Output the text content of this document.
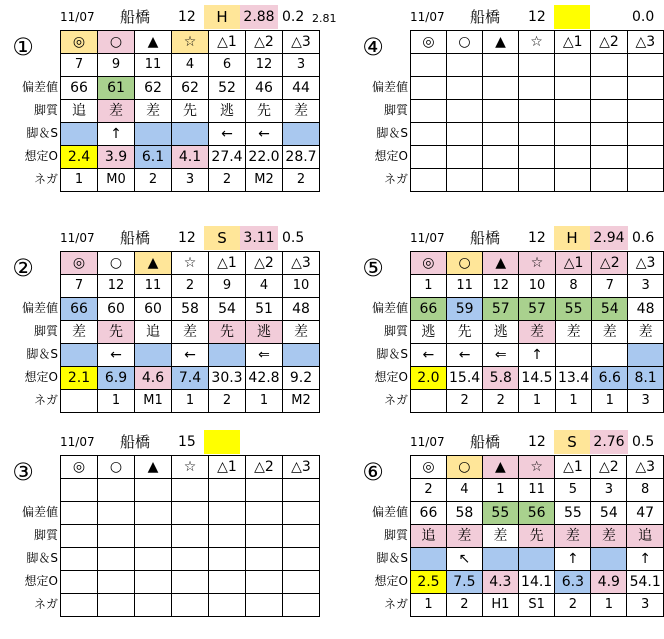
11/07 船橋 12	H	2.88 0.2 2.81
①
偏差値
脚質
脚＆S
想定O
ネガ
◎	○	▲	☆	△1	△2	△3
7	9	11	4	6	12	3
66	61	62	62	52	46	44
追	差	差	先	逃	先	差
	↑			←	←	
2.4	3.9	6.1	4.1	27.4	22.0	28.7
1	M0	2	3	2	M2	2
11/07 船橋 12	S	3.11 0.5
②
偏差値
脚質
脚＆S
想定O
ネガ
◎	○	▲	☆	△1	△2	△3
7	12	11	2	9	4	10
66	60	60	58	54	51	48
差	先	追	差	先	逃	差
	←		←		⇐	
2.1	6.9	4.6	7.4	30.3	42.8	9.2
	1	M1	1	2	1	M2
11/07 船橋 15
③
偏差値
脚質
脚＆S
想定O
ネガ
◎	○	▲	☆	△1	△2	△3

11/07 船橋 12	0.0
④
偏差値
脚質
脚＆S
想定O
ネガ
◎	○	▲	☆	△1	△2	△3

11/07 船橋 12	H	2.94 0.6
⑤
偏差値
脚質
脚＆S
想定O
ネガ
◎	○	▲	☆	△1	△2	△3
1	11	12	10	8	7	3
66	59	57	57	55	54	48
逃	先	逃	差	差	差	差
←	←	⇐	↑			
2.0	15.4	5.8	14.5	13.4	6.6	8.1
	2	2	1	1	1	3
11/07 船橋 12	S	2.76 0.5
⑥
偏差値
脚質
脚＆S
想定O
ネガ
◎	○	▲	☆	△1	△2	△3
2	4	1	11	5	3	8
66	58	55	56	55	54	47
追	差	差	先	差	差	追
	↖			↑		↑
2.5	7.5	4.3	14.1	6.3	4.9	54.1
1	2	H1	S1	2	1	3
